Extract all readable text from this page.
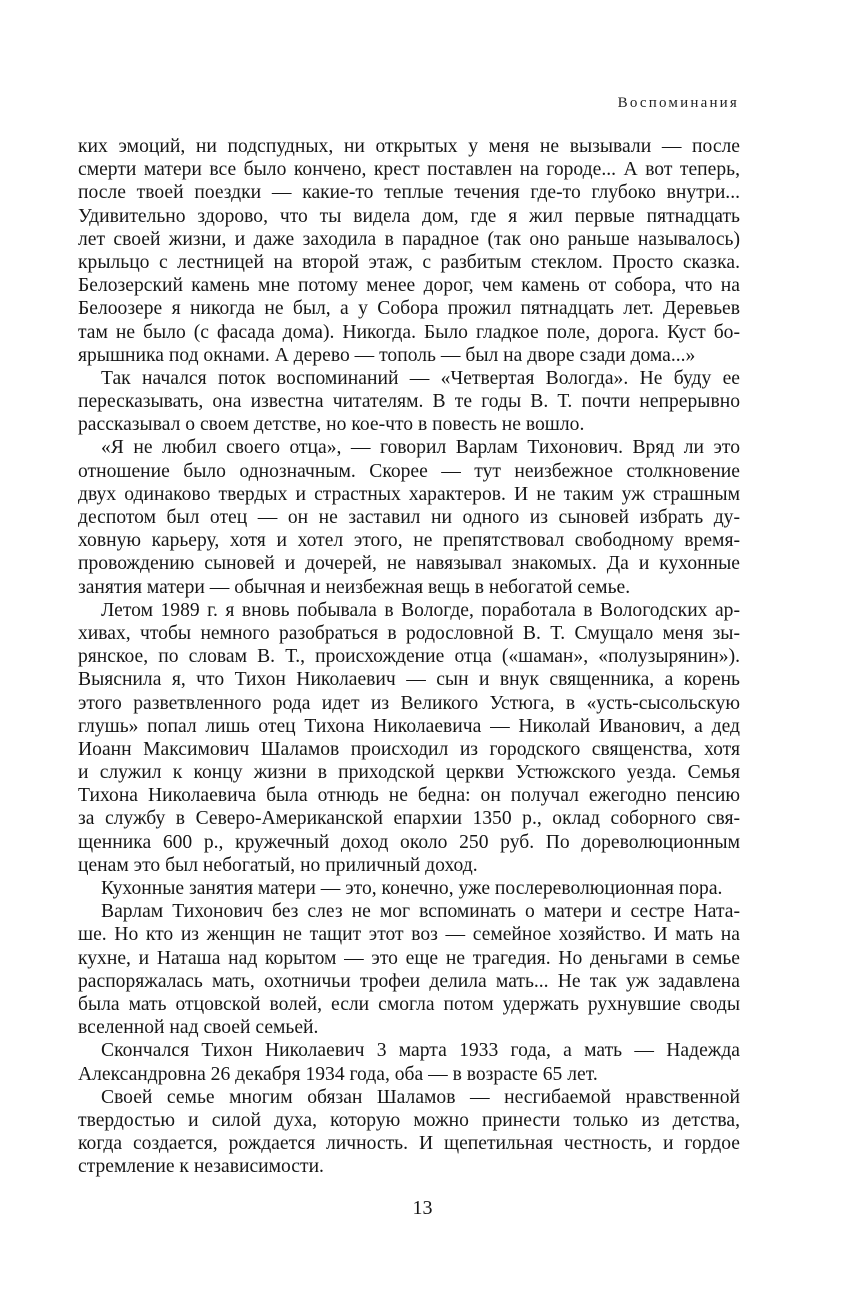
Воспоминания
ких эмоций, ни подспудных, ни открытых у меня не вызывали — после
смерти матери все было кончено, крест поставлен на городе... А вот теперь,
после твоей поездки — какие-то теплые течения где-то глубоко внутри...
Удивительно здорово, что ты видела дом, где я жил первые пятнадцать
лет своей жизни, и даже заходила в парадное (так оно раньше называлось)
крыльцо с лестницей на второй этаж, с разбитым стеклом. Просто сказка.
Белозерский камень мне потому менее дорог, чем камень от собора, что на
Белоозере я никогда не был, а у Собора прожил пятнадцать лет. Деревьев
там не было (с фасада дома). Никогда. Было гладкое поле, дорога. Куст бо-
ярышника под окнами. А дерево — тополь — был на дворе сзади дома...»
Так начался поток воспоминаний — «Четвертая Вологда». Не буду ее
пересказывать, она известна читателям. В те годы В. Т. почти непрерывно
рассказывал о своем детстве, но кое-что в повесть не вошло.
«Я не любил своего отца», — говорил Варлам Тихонович. Вряд ли это
отношение было однозначным. Скорее — тут неизбежное столкновение
двух одинаково твердых и страстных характеров. И не таким уж страшным
деспотом был отец — он не заставил ни одного из сыновей избрать ду-
ховную карьеру, хотя и хотел этого, не препятствовал свободному время-
провождению сыновей и дочерей, не навязывал знакомых. Да и кухонные
занятия матери — обычная и неизбежная вещь в небогатой семье.
Летом 1989 г. я вновь побывала в Вологде, поработала в Вологодских ар-
хивах, чтобы немного разобраться в родословной В. Т. Смущало меня зы-
рянское, по словам В. Т., происхождение отца («шаман», «полузырянин»).
Выяснила я, что Тихон Николаевич — сын и внук священника, а корень
этого разветвленного рода идет из Великого Устюга, в «усть-сысольскую
глушь» попал лишь отец Тихона Николаевича — Николай Иванович, а дед
Иоанн Максимович Шаламов происходил из городского священства, хотя
и служил к концу жизни в приходской церкви Устюжского уезда. Семья
Тихона Николаевича была отнюдь не бедна: он получал ежегодно пенсию
за службу в Северо-Американской епархии 1350 р., оклад соборного свя-
щенника 600 р., кружечный доход около 250 руб. По дореволюционным
ценам это был небогатый, но приличный доход.
Кухонные занятия матери — это, конечно, уже послереволюционная пора.
Варлам Тихонович без слез не мог вспоминать о матери и сестре Ната-
ше. Но кто из женщин не тащит этот воз — семейное хозяйство. И мать на
кухне, и Наташа над корытом — это еще не трагедия. Но деньгами в семье
распоряжалась мать, охотничьи трофеи делила мать... Не так уж задавлена
была мать отцовской волей, если смогла потом удержать рухнувшие своды
вселенной над своей семьей.
Скончался Тихон Николаевич 3 марта 1933 года, а мать — Надежда
Александровна 26 декабря 1934 года, оба — в возрасте 65 лет.
Своей семье многим обязан Шаламов — несгибаемой нравственной
твердостью и силой духа, которую можно принести только из детства,
когда создается, рождается личность. И щепетильная честность, и гордое
стремление к независимости.
13
